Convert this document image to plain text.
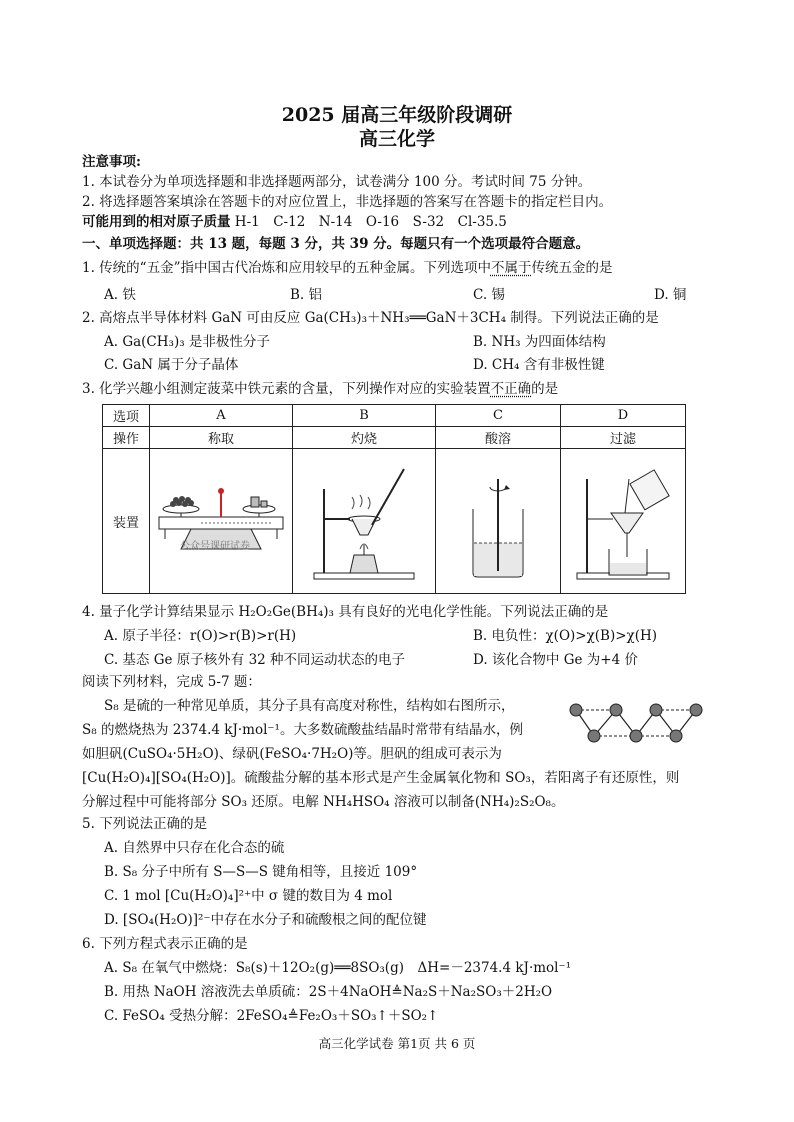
2025 届高三年级阶段调研
高三化学
注意事项:
1. 本试卷分为单项选择题和非选择题两部分，试卷满分 100 分。考试时间 75 分钟。
2. 将选择题答案填涂在答题卡的对应位置上，非选择题的答案写在答题卡的指定栏目内。
可能用到的相对原子质量 H-1　C-12　N-14　O-16　S-32　Cl-35.5
一、单项选择题：共 13 题，每题 3 分，共 39 分。每题只有一个选项最符合题意。
1. 传统的“五金”指中国古代冶炼和应用较早的五种金属。下列选项中不属于传统五金的是
A. 铁	B. 铝	C. 锡	D. 铜
2. 高熔点半导体材料 GaN 可由反应 Ga(CH₃)₃＋NH₃══GaN＋3CH₄ 制得。下列说法正确的是
A. Ga(CH₃)₃ 是非极性分子	B. NH₃ 为四面体结构
C. GaN 属于分子晶体	D. CH₄ 含有非极性键
3. 化学兴趣小组测定菠菜中铁元素的含量，下列操作对应的实验装置不正确的是
选项	A	B	C	D
操作	称取	灼烧	酸溶	过滤
装置	公众号课研试卷

4. 量子化学计算结果显示 H₂O₂Ge(BH₄)₃ 具有良好的光电化学性能。下列说法正确的是
A. 原子半径：r(O)>r(B)>r(H)	B. 电负性：χ(O)>χ(B)>χ(H)
C. 基态 Ge 原子核外有 32 种不同运动状态的电子	D. 该化合物中 Ge 为+4 价
阅读下列材料，完成 5-7 题：
S₈ 是硫的一种常见单质，其分子具有高度对称性，结构如右图所示，
S₈ 的燃烧热为 2374.4 kJ·mol⁻¹。大多数硫酸盐结晶时常带有结晶水，例
如胆矾(CuSO₄·5H₂O)、绿矾(FeSO₄·7H₂O)等。胆矾的组成可表示为
[Cu(H₂O)₄][SO₄(H₂O)]。硫酸盐分解的基本形式是产生金属氧化物和 SO₃，若阳离子有还原性，则
分解过程中可能将部分 SO₃ 还原。电解 NH₄HSO₄ 溶液可以制备(NH₄)₂S₂O₈。
5. 下列说法正确的是
A. 自然界中只存在化合态的硫
B. S₈ 分子中所有 S—S—S 键角相等，且接近 109°
C. 1 mol [Cu(H₂O)₄]²⁺中 σ 键的数目为 4 mol
D. [SO₄(H₂O)]²⁻中存在水分子和硫酸根之间的配位键
6. 下列方程式表示正确的是
A. S₈ 在氧气中燃烧：S₈(s)＋12O₂(g)══8SO₃(g)　ΔH=－2374.4 kJ·mol⁻¹
B. 用热 NaOH 溶液洗去单质硫：2S＋4NaOH≜Na₂S＋Na₂SO₃＋2H₂O
C. FeSO₄ 受热分解：2FeSO₄≜Fe₂O₃＋SO₃↑＋SO₂↑
高三化学试卷 第1页 共 6 页
